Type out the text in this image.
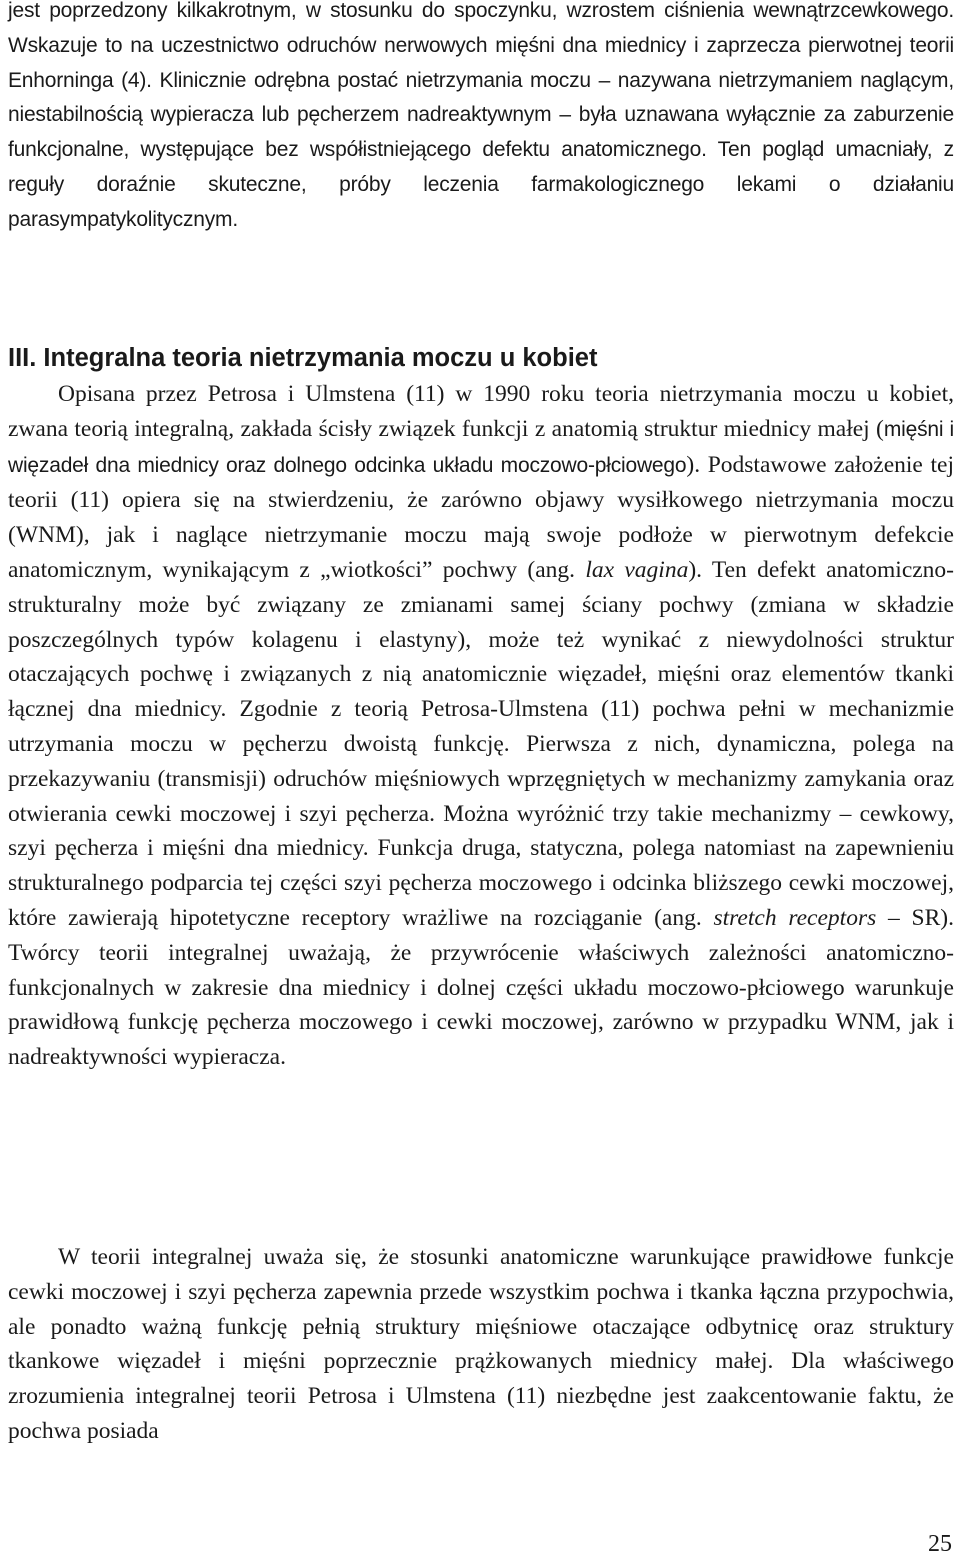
jest poprzedzony kilkakrotnym, w stosunku do spoczynku, wzrostem ciśnienia wewnątrzcewkowego. Wskazuje to na uczestnictwo odruchów nerwowych mięśni dna miednicy i zaprzecza pierwotnej teorii Enhorninga (4). Klinicznie odrębna postać nietrzymania moczu – nazywana nietrzymaniem naglącym, niestabilnością wypieracza lub pęcherzem nadreaktywnym – była uznawana wyłącznie za zaburzenie funkcjonalne, występujące bez współistniejącego defektu anatomicznego. Ten pogląd umacniały, z reguły doraźnie skuteczne, próby leczenia farmakologicznego lekami o działaniu parasympatykolitycznym.

III. Integralna teoria nietrzymania moczu u kobiet

Opisana przez Petrosa i Ulmstena (11) w 1990 roku teoria nietrzymania moczu u kobiet, zwana teorią integralną, zakłada ścisły związek funkcji z anatomią struktur miednicy małej (mięśni i więzadeł dna miednicy oraz dolnego odcinka układu moczowo-płciowego). Podstawowe założenie tej teorii (11) opiera się na stwierdzeniu, że zarówno objawy wysiłkowego nietrzymania moczu (WNM), jak i naglące nietrzymanie moczu mają swoje podłoże w pierwotnym defekcie anatomicznym, wynikającym z „wiotkości” pochwy (ang. lax vagina). Ten defekt anatomiczno-strukturalny może być związany ze zmianami samej ściany pochwy (zmiana w składzie poszczególnych typów kolagenu i elastyny), może też wynikać z niewydolności struktur otaczających pochwę i związanych z nią anatomicznie więzadeł, mięśni oraz elementów tkanki łącznej dna miednicy. Zgodnie z teorią Petrosa-Ulmstena (11) pochwa pełni w mechanizmie utrzymania moczu w pęcherzu dwoistą funkcję. Pierwsza z nich, dynamiczna, polega na przekazywaniu (transmisji) odruchów mięśniowych wprzęgniętych w mechanizmy zamykania oraz otwierania cewki moczowej i szyi pęcherza. Można wyróżnić trzy takie mechanizmy – cewkowy, szyi pęcherza i mięśni dna miednicy. Funkcja druga, statyczna, polega natomiast na zapewnieniu strukturalnego podparcia tej części szyi pęcherza moczowego i odcinka bliższego cewki moczowej, które zawierają hipotetyczne receptory wrażliwe na rozciąganie (ang. stretch receptors – SR). Twórcy teorii integralnej uważają, że przywrócenie właściwych zależności anatomiczno-funkcjonalnych w zakresie dna miednicy i dolnej części układu moczowo-płciowego warunkuje prawidłową funkcję pęcherza moczowego i cewki moczowej, zarówno w przypadku WNM, jak i nadreaktywności wypieracza.

W teorii integralnej uważa się, że stosunki anatomiczne warunkujące prawidłowe funkcje cewki moczowej i szyi pęcherza zapewnia przede wszystkim pochwa i tkanka łączna przypochwia, ale ponadto ważną funkcję pełnią struktury mięśniowe otaczające odbytnicę oraz struktury tkankowe więzadeł i mięśni poprzecznie prążkowanych miednicy małej. Dla właściwego zrozumienia integralnej teorii Petrosa i Ulmstena (11) niezbędne jest zaakcentowanie faktu, że pochwa posiada

25
